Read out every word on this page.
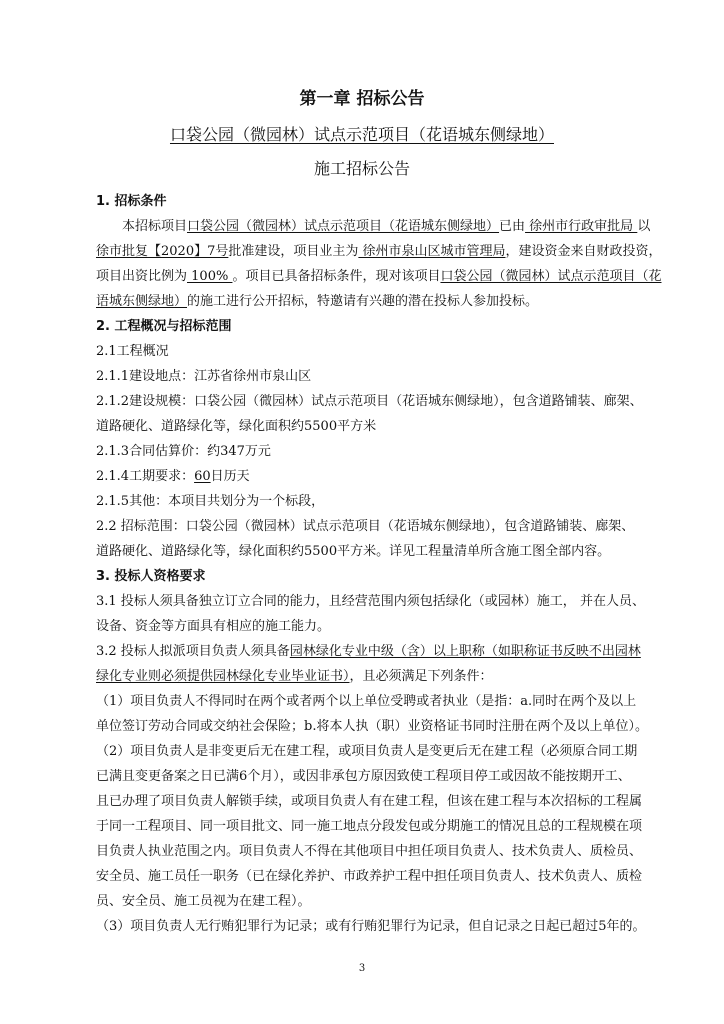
第一章 招标公告
口袋公园（微园林）试点示范项目（花语城东侧绿地）
施工招标公告
1. 招标条件
本招标项目口袋公园（微园林）试点示范项目（花语城东侧绿地）已由 徐州市行政审批局 以
徐市批复【2020】7号批准建设，项目业主为 徐州市泉山区城市管理局，建设资金来自财政投资，
项目出资比例为 100% 。项目已具备招标条件，现对该项目口袋公园（微园林）试点示范项目（花
语城东侧绿地）的施工进行公开招标，特邀请有兴趣的潜在投标人参加投标。
2. 工程概况与招标范围
2.1工程概况
2.1.1建设地点：江苏省徐州市泉山区
2.1.2建设规模：口袋公园（微园林）试点示范项目（花语城东侧绿地），包含道路铺装、廊架、
道路硬化、道路绿化等，绿化面积约5500平方米
2.1.3合同估算价：约347万元
2.1.4工期要求：60日历天
2.1.5其他：本项目共划分为一个标段，
2.2 招标范围：口袋公园（微园林）试点示范项目（花语城东侧绿地），包含道路铺装、廊架、
道路硬化、道路绿化等，绿化面积约5500平方米。详见工程量清单所含施工图全部内容。
3. 投标人资格要求
3.1 投标人须具备独立订立合同的能力，且经营范围内须包括绿化（或园林）施工， 并在人员、
设备、资金等方面具有相应的施工能力。
3.2 投标人拟派项目负责人须具备园林绿化专业中级（含）以上职称（如职称证书反映不出园林
绿化专业则必须提供园林绿化专业毕业证书），且必须满足下列条件：
（1）项目负责人不得同时在两个或者两个以上单位受聘或者执业（是指：a.同时在两个及以上
单位签订劳动合同或交纳社会保险；b.将本人执（职）业资格证书同时注册在两个及以上单位）。
（2）项目负责人是非变更后无在建工程，或项目负责人是变更后无在建工程（必须原合同工期
已满且变更备案之日已满6个月），或因非承包方原因致使工程项目停工或因故不能按期开工、
且已办理了项目负责人解锁手续，或项目负责人有在建工程，但该在建工程与本次招标的工程属
于同一工程项目、同一项目批文、同一施工地点分段发包或分期施工的情况且总的工程规模在项
目负责人执业范围之内。项目负责人不得在其他项目中担任项目负责人、技术负责人、质检员、
安全员、施工员任一职务（已在绿化养护、市政养护工程中担任项目负责人、技术负责人、质检
员、安全员、施工员视为在建工程）。
（3）项目负责人无行贿犯罪行为记录；或有行贿犯罪行为记录，但自记录之日起已超过5年的。
3
